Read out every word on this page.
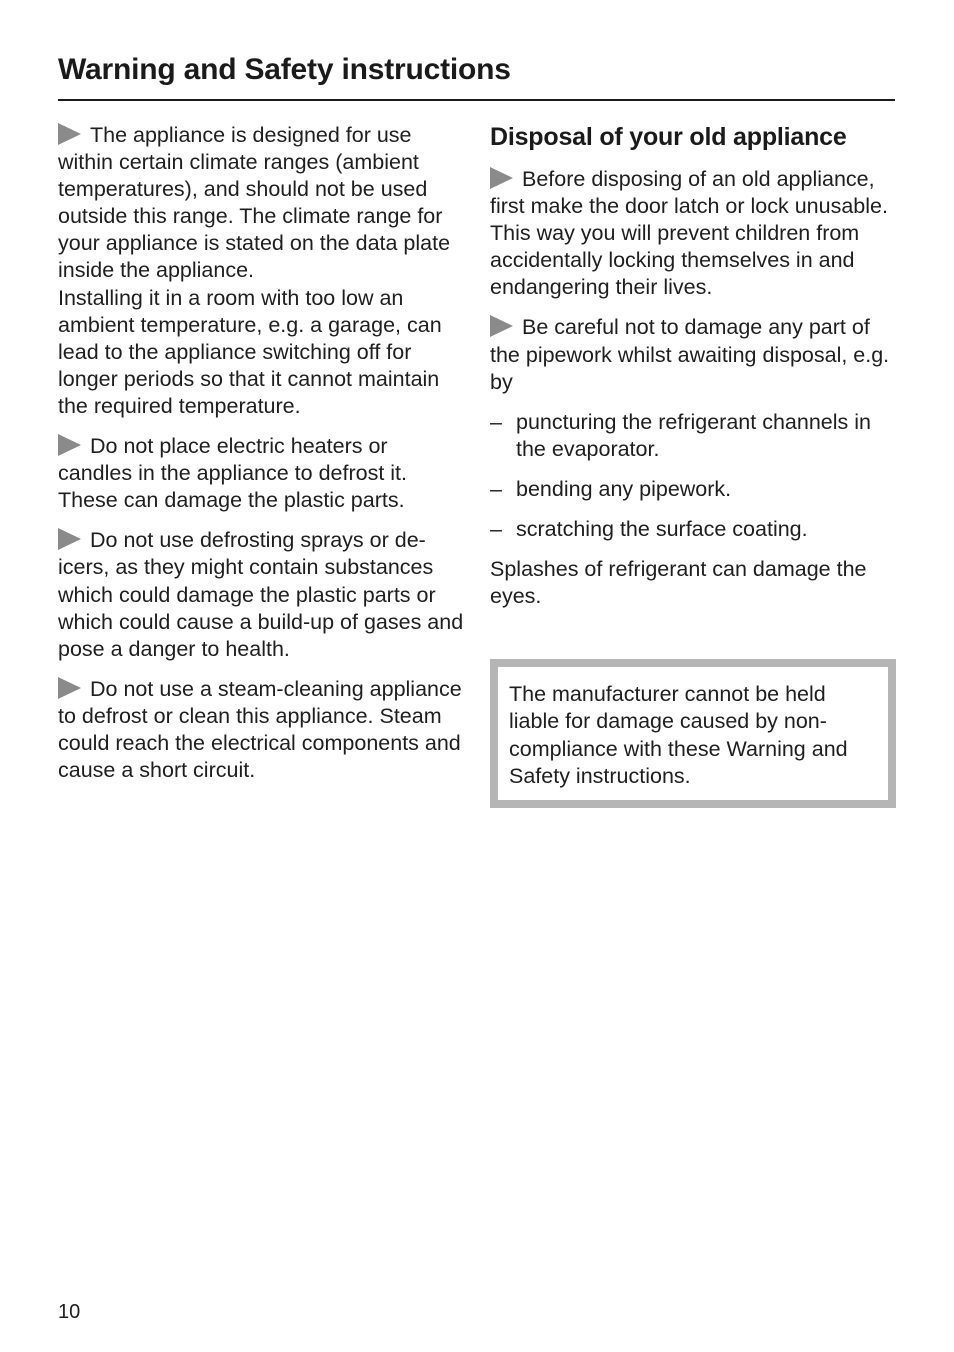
Warning and Safety instructions

The appliance is designed for use within certain climate ranges (ambient temperatures), and should not be used outside this range. The climate range for your appliance is stated on the data plate inside the appliance.

Installing it in a room with too low an ambient temperature, e.g. a garage, can lead to the appliance switching off for longer periods so that it cannot maintain the required temperature.

Do not place electric heaters or candles in the appliance to defrost it. These can damage the plastic parts.

Do not use defrosting sprays or de-icers, as they might contain substances which could damage the plastic parts or which could cause a build-up of gases and pose a danger to health.

Do not use a steam-cleaning appliance to defrost or clean this appliance. Steam could reach the electrical components and cause a short circuit.

Disposal of your old appliance

Before disposing of an old appliance, first make the door latch or lock unusable.

This way you will prevent children from accidentally locking themselves in and endangering their lives.

Be careful not to damage any part of the pipework whilst awaiting disposal, e.g. by

– puncturing the refrigerant channels in the evaporator.
– bending any pipework.
– scratching the surface coating.

Splashes of refrigerant can damage the eyes.

The manufacturer cannot be held liable for damage caused by non-compliance with these Warning and Safety instructions.

10
